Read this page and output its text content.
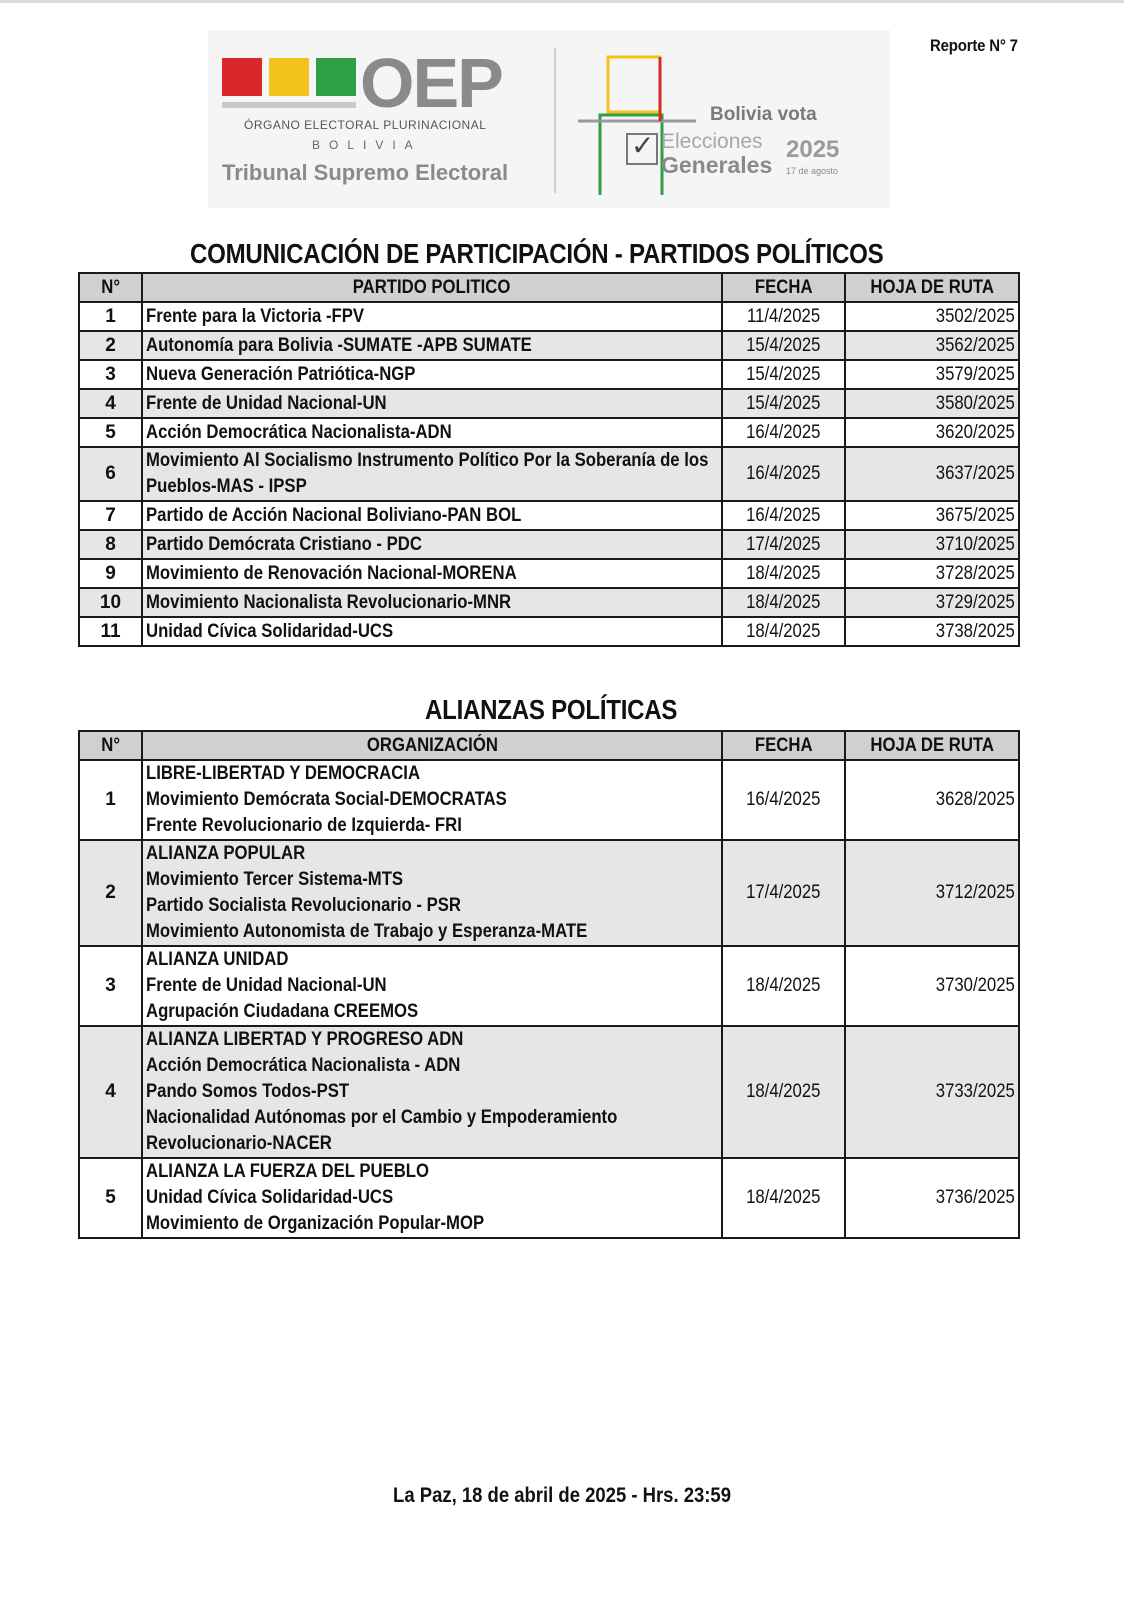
Reporte N° 7
OEP
ÓRGANO ELECTORAL PLURINACIONAL
BOLIVIA
Tribunal Supremo Electoral
✓
Bolivia vota
Elecciones
Generales
2025
17 de agosto
COMUNICACIÓN DE PARTICIPACIÓN - PARTIDOS POLÍTICOS
N°	PARTIDO POLITICO	FECHA	HOJA DE RUTA
1	Frente para la Victoria -FPV	11/4/2025	3502/2025
2	Autonomía para Bolivia -SUMATE -APB SUMATE	15/4/2025	3562/2025
3	Nueva Generación Patriótica-NGP	15/4/2025	3579/2025
4	Frente de Unidad Nacional-UN	15/4/2025	3580/2025
5	Acción Democrática Nacionalista-ADN	16/4/2025	3620/2025
6	Movimiento Al Socialismo Instrumento Político Por la Soberanía de los
Pueblos-MAS - IPSP	16/4/2025	3637/2025
7	Partido de Acción Nacional Boliviano-PAN BOL	16/4/2025	3675/2025
8	Partido Demócrata Cristiano - PDC	17/4/2025	3710/2025
9	Movimiento de Renovación Nacional-MORENA	18/4/2025	3728/2025
10	Movimiento Nacionalista Revolucionario-MNR	18/4/2025	3729/2025
11	Unidad Cívica Solidaridad-UCS	18/4/2025	3738/2025
ALIANZAS POLÍTICAS
N°	ORGANIZACIÓN	FECHA	HOJA DE RUTA
1	LIBRE-LIBERTAD Y DEMOCRACIA
Movimiento Demócrata Social-DEMOCRATAS
Frente Revolucionario de Izquierda- FRI	16/4/2025	3628/2025
2	ALIANZA POPULAR
Movimiento Tercer Sistema-MTS
Partido Socialista Revolucionario - PSR
Movimiento Autonomista de Trabajo y Esperanza-MATE	17/4/2025	3712/2025
3	ALIANZA UNIDAD
Frente de Unidad Nacional-UN
Agrupación Ciudadana CREEMOS	18/4/2025	3730/2025
4	ALIANZA LIBERTAD Y PROGRESO ADN
Acción Democrática Nacionalista - ADN
Pando Somos Todos-PST
Nacionalidad Autónomas por el Cambio y Empoderamiento
Revolucionario-NACER	18/4/2025	3733/2025
5	ALIANZA LA FUERZA DEL PUEBLO
Unidad Cívica Solidaridad-UCS
Movimiento de Organización Popular-MOP	18/4/2025	3736/2025
La Paz, 18 de abril de 2025 - Hrs. 23:59
